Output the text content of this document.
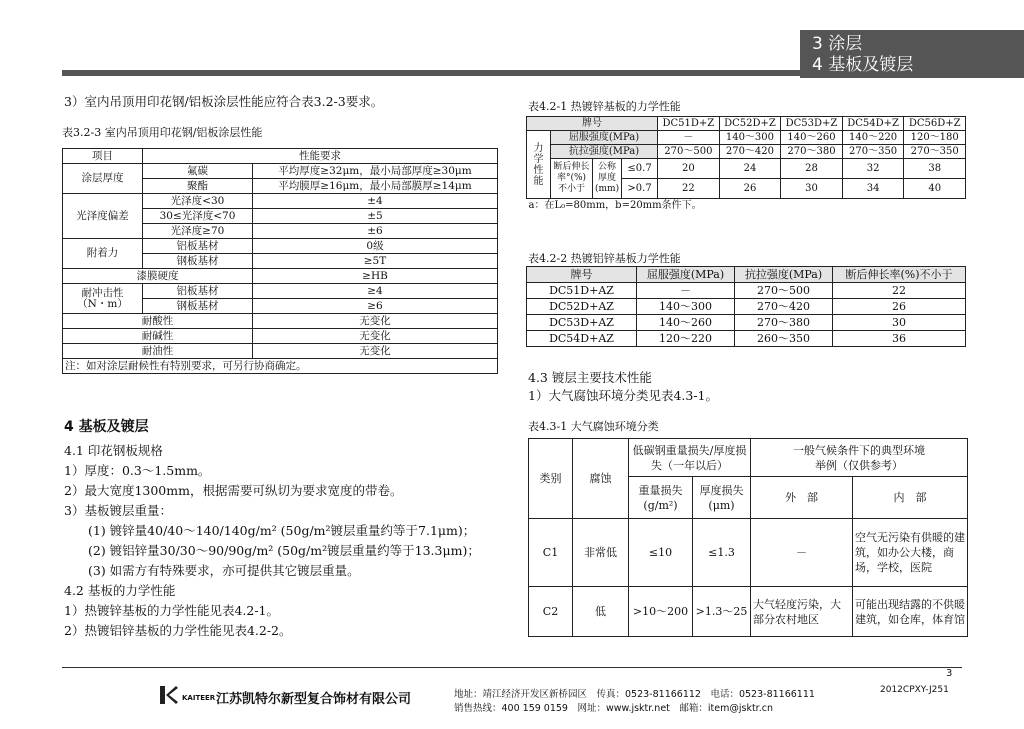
3 涂层
4 基板及镀层
3）室内吊顶用印花钢/铝板涂层性能应符合表3.2-3要求。
表3.2-3 室内吊顶用印花钢/铝板涂层性能
项目	性能要求	
涂层厚度	氟碳	平均厚度≥32μm，最小局部厚度≥30μm
	聚酯	平均膜厚≥16μm，最小局部膜厚≥14μm
光泽度偏差	光泽度<30	±4
	30≤光泽度<70	±5
	光泽度≥70	±6
附着力	铝板基材	0级
	钢板基材	≥5T
漆膜硬度		≥HB
耐冲击性
（N・m）	铝板基材	≥4
	钢板基材	≥6
耐酸性		无变化
耐碱性		无变化
耐油性		无变化
注：如对涂层耐候性有特别要求，可另行协商确定。		
4 基板及镀层
4.1 印花钢板规格
1）厚度：0.3～1.5mm。
2）最大宽度1300mm，根据需要可纵切为要求宽度的带卷。
3）基板镀层重量：
(1) 镀锌量40/40～140/140g/m² (50g/m²镀层重量约等于7.1μm)；
(2) 镀铝锌量30/30～90/90g/m² (50g/m²镀层重量约等于13.3μm)；
(3) 如需方有特殊要求，亦可提供其它镀层重量。
4.2 基板的力学性能
1）热镀锌基板的力学性能见表4.2-1。
2）热镀铝锌基板的力学性能见表4.2-2。
表4.2-1 热镀锌基板的力学性能
牌号				DC51D+Z	DC52D+Z	DC53D+Z	DC54D+Z	DC56D+Z
力学性能	屈服强度(MPa)			－	140～300	140～260	140～220	120～180
	抗拉强度(MPa)			270～500	270～420	270～380	270～350	270～350
	断后伸长率°(%)不小于	公称厚度(mm)	≤0.7	20	24	28	32	38
			>0.7	22	26	30	34	40
a：在L₀=80mm，b=20mm条件下。								
表4.2-2 热镀铝锌基板力学性能
牌号	屈服强度(MPa)	抗拉强度(MPa)	断后伸长率(%)不小于
DC51D+AZ	－	270～500	22
DC52D+AZ	140～300	270～420	26
DC53D+AZ	140～260	270～380	30
DC54D+AZ	120～220	260～350	36
4.3 镀层主要技术性能
1）大气腐蚀环境分类见表4.3-1。
表4.3-1 大气腐蚀环境分类
类别	腐蚀	低碳钢重量损失/厚度损失（一年以后）		一般气候条件下的典型环境举例（仅供参考）	
		重量损失(g/m²)	厚度损失(μm)	外　部	内　部
C1	非常低	≤10	≤1.3	－	空气无污染有供暖的建筑，如办公大楼，商场，学校，医院
C2	低	>10～200	>1.3～25	大气轻度污染，大部分农村地区	可能出现结露的不供暖建筑，如仓库，体育馆
3
KAITEER 江苏凯特尔新型复合饰材有限公司	地址：靖江经济开发区新桥园区　传真：0523-81166112　电话：0523-81166111
销售热线：400 159 0159　网址：www.jsktr.net　邮箱：item@jsktr.cn
2012CPXY-J251
